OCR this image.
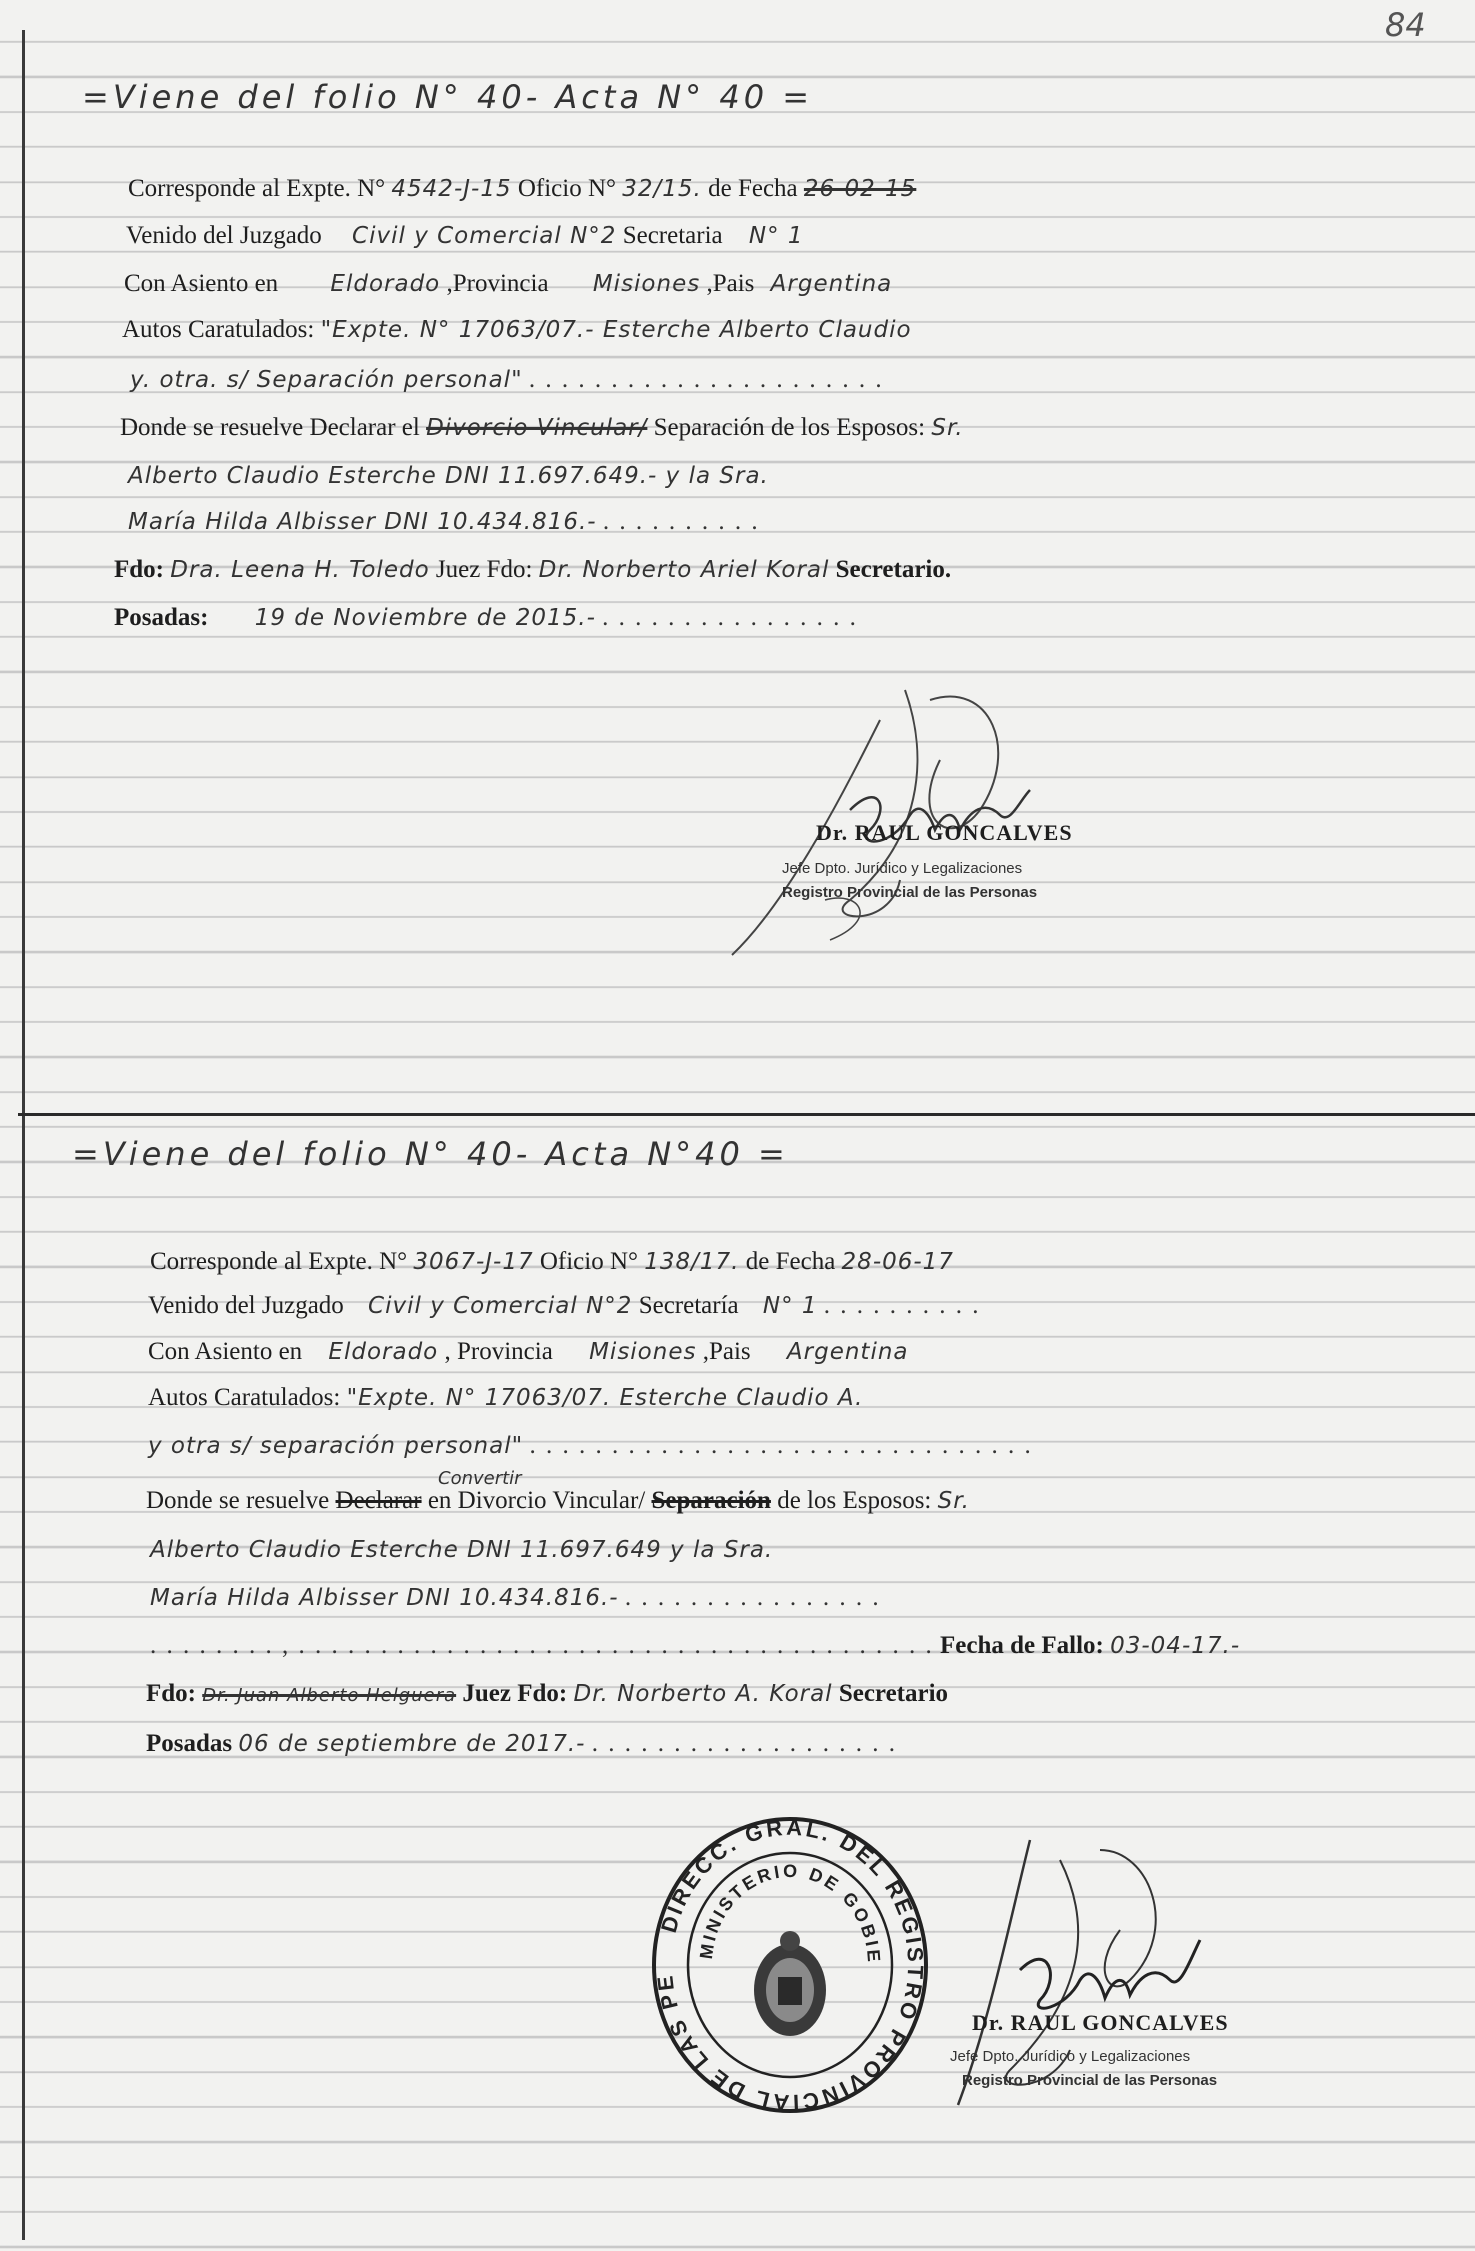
84
=Viene del folio N° 40- Acta N° 40 =
Corresponde al Expte. N° 4542-J-15 Oficio N° 32/15. de Fecha 26-02-15
Venido del Juzgado Civil y Comercial N°2 Secretaria N° 1
Con Asiento en Eldorado ,Provincia Misiones ,Pais Argentina
Autos Caratulados: "Expte. N° 17063/07.- Esterche Alberto Claudio
y. otra. s/ Separación personal" . . . . . . . . . . . . . . . . . . . . . .
Donde se resuelve Declarar el Divorcio Vincular/ Separación de los Esposos: Sr.
Alberto Claudio Esterche DNI 11.697.649.- y la Sra.
María Hilda Albisser DNI 10.434.816.- . . . . . . . . . .
Fdo: Dra. Leena H. Toledo Juez Fdo: Dr. Norberto Ariel Koral Secretario.
Posadas: 19 de Noviembre de 2015.- . . . . . . . . . . . . . . . .
Dr. RAUL GONCALVES
Jefe Dpto. Jurídico y Legalizaciones
Registro Provincial de las Personas
=Viene del folio N° 40- Acta N°40 =
Corresponde al Expte. N° 3067-J-17 Oficio N° 138/17. de Fecha 28-06-17
Venido del Juzgado Civil y Comercial N°2 Secretaría N° 1 . . . . . . . . . .
Con Asiento en Eldorado , Provincia Misiones ,Pais Argentina
Autos Caratulados: "Expte. N° 17063/07. Esterche Claudio A.
y otra s/ separación personal" . . . . . . . . . . . . . . . . . . . . . . . . . . . . . . .
Convertir
Donde se resuelve Declarar en Divorcio Vincular/ Separación de los Esposos: Sr.
Alberto Claudio Esterche DNI 11.697.649 y la Sra.
María Hilda Albisser DNI 10.434.816.- . . . . . . . . . . . . . . . .
. . . . . . . . , . . . . . . . . . . . . . . . . . . . . . . . . . . . . . . . . . . . . . . . Fecha de Fallo: 03-04-17.-
Fdo: Dr. Juan Alberto Helguera Juez Fdo: Dr. Norberto A. Koral Secretario
Posadas 06 de septiembre de 2017.- . . . . . . . . . . . . . . . . . . .
DIRECC. GRAL. DEL REGISTRO PROVINCIAL DE LAS PE
MINISTERIO DE GOBIE
Dr. RAUL GONCALVES
Jefe Dpto. Jurídico y Legalizaciones
Registro Provincial de las Personas
